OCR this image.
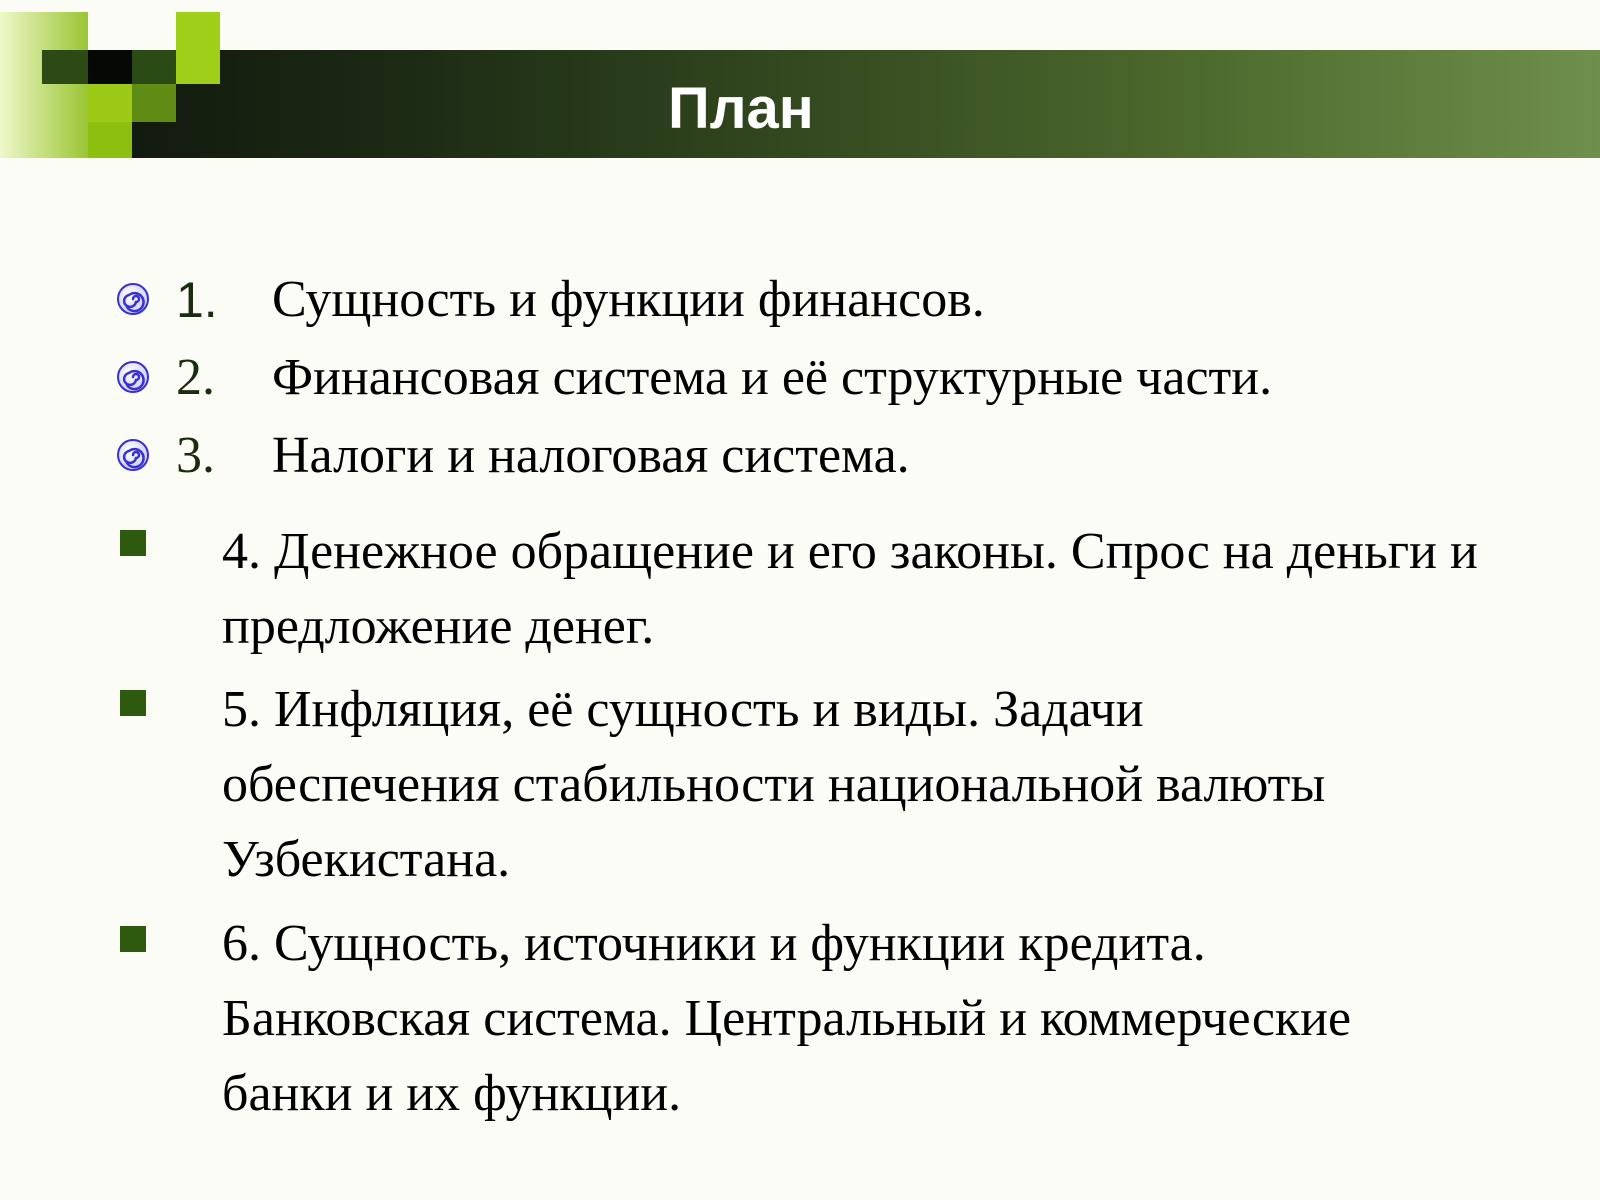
План
1. Сущность и функции финансов.
2. Финансовая система и её структурные части.
3. Налоги и налоговая система.
4. Денежное обращение и его законы. Спрос на деньги и предложение денег.
5. Инфляция, её сущность и виды. Задачи обеспечения стабильности национальной валюты Узбекистана.
6. Сущность, источники и функции кредита. Банковская система. Центральный и коммерческие банки и их функции.
